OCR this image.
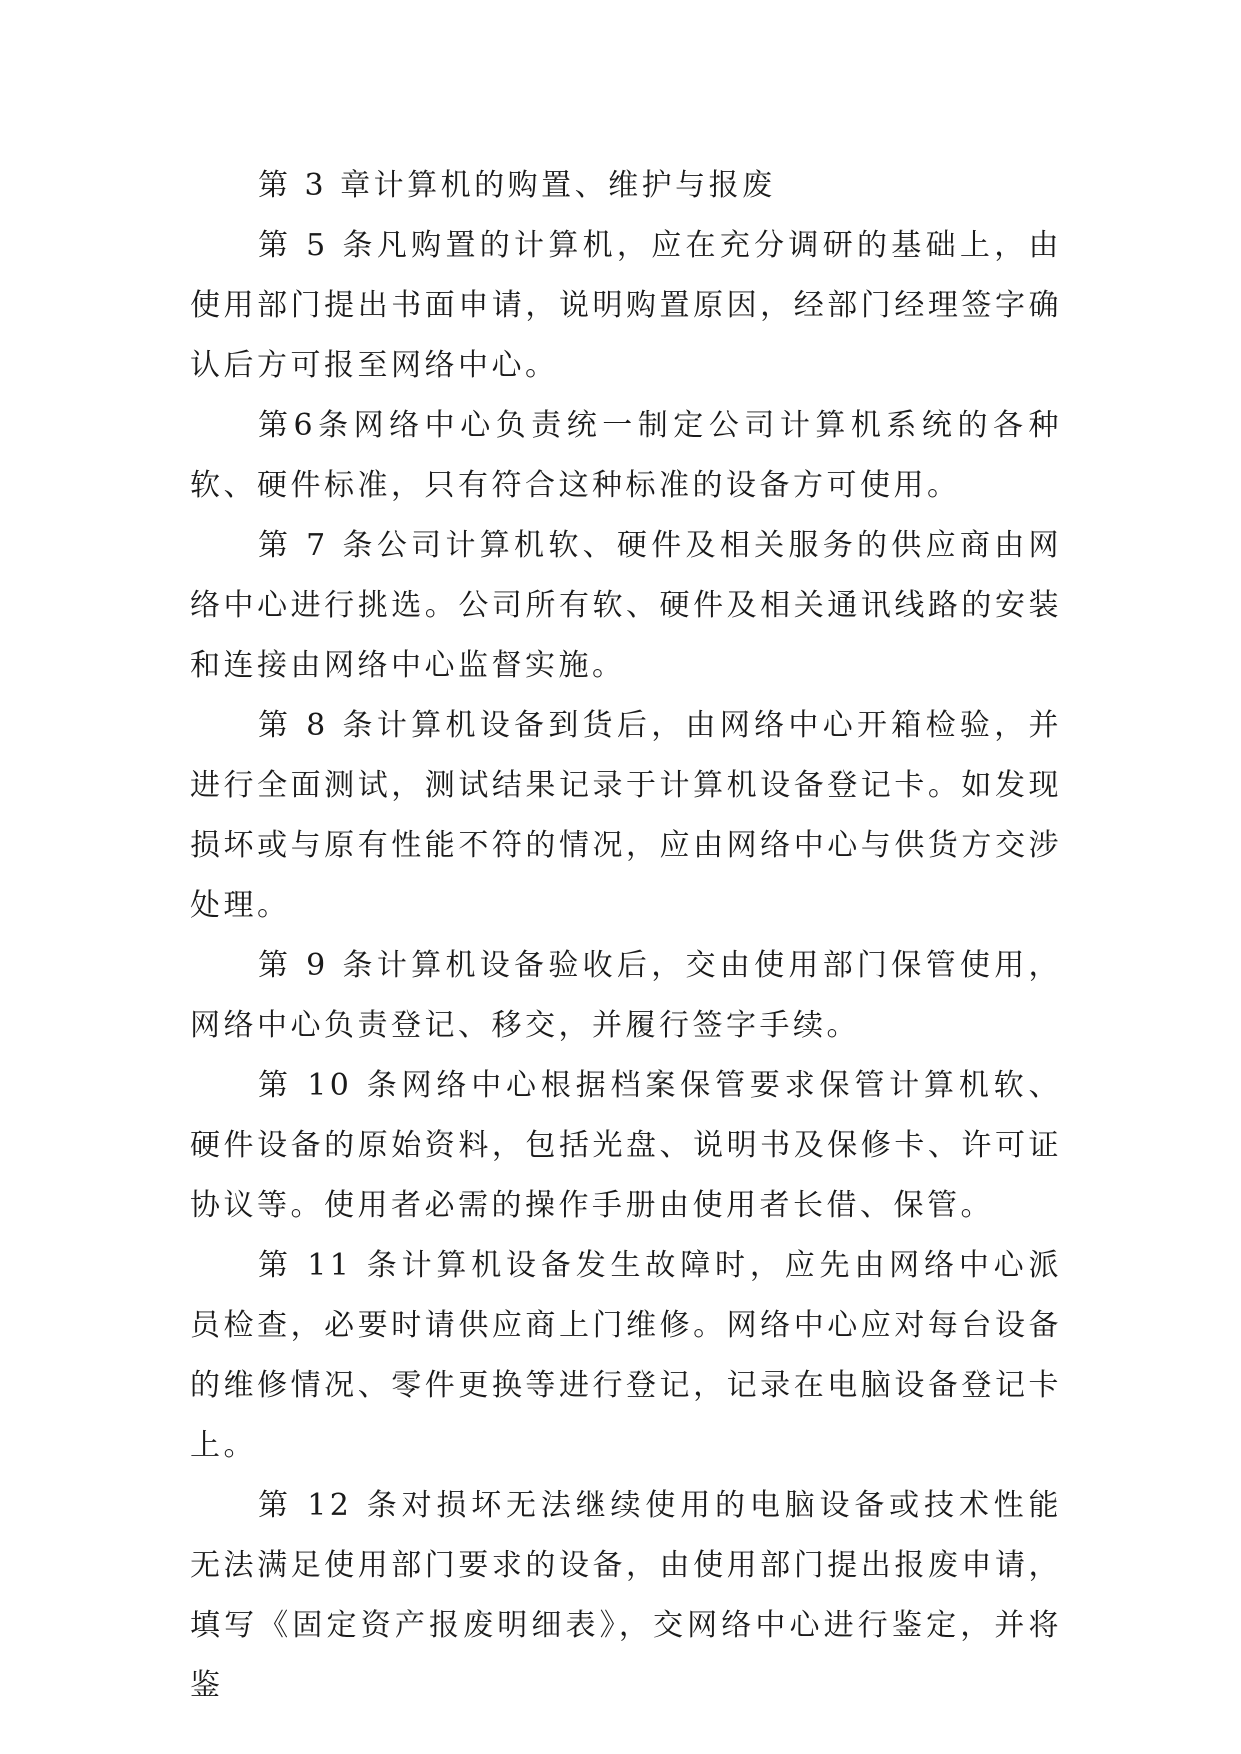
第 3 章计算机的购置、维护与报废

第 5 条凡购置的计算机，应在充分调研的基础上，由使用部门提出书面申请，说明购置原因，经部门经理签字确认后方可报至网络中心。

第6条网络中心负责统一制定公司计算机系统的各种软、硬件标准，只有符合这种标准的设备方可使用。

第 7 条公司计算机软、硬件及相关服务的供应商由网络中心进行挑选。公司所有软、硬件及相关通讯线路的安装和连接由网络中心监督实施。

第 8 条计算机设备到货后，由网络中心开箱检验，并进行全面测试，测试结果记录于计算机设备登记卡。如发现损坏或与原有性能不符的情况，应由网络中心与供货方交涉处理。

第 9 条计算机设备验收后，交由使用部门保管使用，网络中心负责登记、移交，并履行签字手续。

第 10 条网络中心根据档案保管要求保管计算机软、硬件设备的原始资料，包括光盘、说明书及保修卡、许可证协议等。使用者必需的操作手册由使用者长借、保管。

第 11 条计算机设备发生故障时，应先由网络中心派员检查，必要时请供应商上门维修。网络中心应对每台设备的维修情况、零件更换等进行登记，记录在电脑设备登记卡上。

第 12 条对损坏无法继续使用的电脑设备或技术性能无法满足使用部门要求的设备，由使用部门提出报废申请，填写《固定资产报废明细表》，交网络中心进行鉴定，并将鉴
